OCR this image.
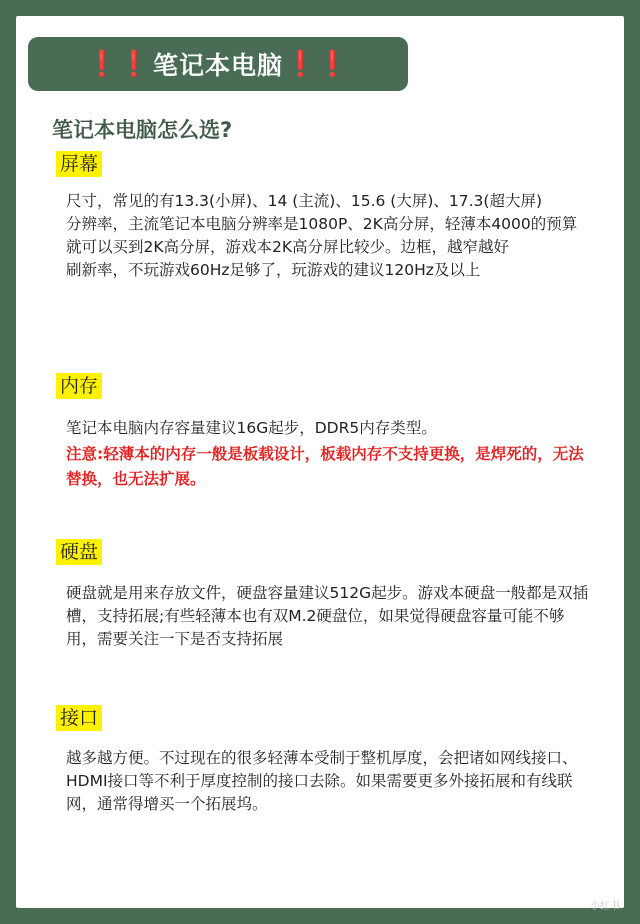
❗❗ 笔记本电脑 ❗❗
笔记本电脑怎么选?
屏幕

尺寸，常见的有13.3(小屏)、14 (主流)、15.6 (大屏)、17.3(超大屏)

分辨率，主流笔记本电脑分辨率是1080P、2K高分屏，轻薄本4000的预算就可以买到2K高分屏，游戏本2K高分屏比较少。边框，越窄越好

刷新率，不玩游戏60Hz足够了，玩游戏的建议120Hz及以上

内存

笔记本电脑内存容量建议16G起步，DDR5内存类型。

注意:轻薄本的内存一般是板载设计，板载内存不支持更换，是焊死的，无法替换，也无法扩展。
硬盘

硬盘就是用来存放文件，硬盘容量建议512G起步。游戏本硬盘一般都是双插槽，支持拓展;有些轻薄本也有双M.2硬盘位，如果觉得硬盘容量可能不够用，需要关注一下是否支持拓展

接口

越多越方便。不过现在的很多轻薄本受制于整机厚度，会把诸如网线接口、HDMI接口等不利于厚度控制的接口去除。如果需要更多外接拓展和有线联网，通常得增买一个拓展坞。

小红书
